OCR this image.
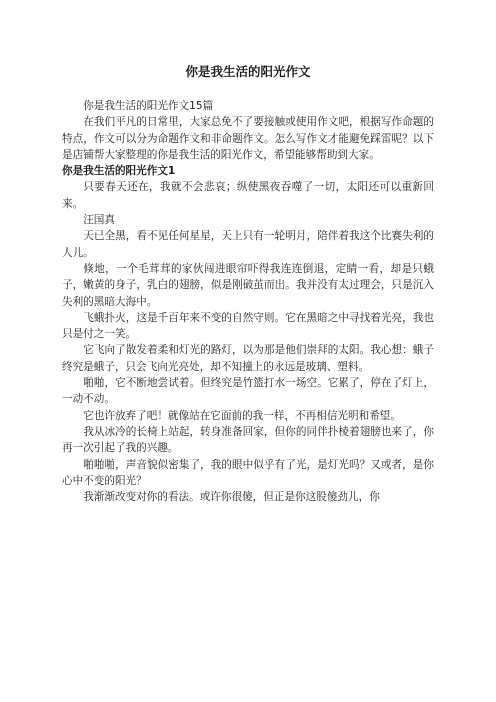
你是我生活的阳光作文

你是我生活的阳光作文15篇

在我们平凡的日常里，大家总免不了要接触或使用作文吧，根据写作命题的特点，作文可以分为命题作文和非命题作文。怎么写作文才能避免踩雷呢？以下是店铺帮大家整理的你是我生活的阳光作文，希望能够帮助到大家。

你是我生活的阳光作文1

只要春天还在，我就不会悲哀；纵使黑夜吞噬了一切，太阳还可以重新回来。

汪国真

天已全黑，看不见任何星星，天上只有一轮明月，陪伴着我这个比赛失利的人儿。

倏地，一个毛茸茸的家伙闯进眼帘吓得我连连倒退，定睛一看，却是只蛾子，嫩黄的身子，乳白的翅膀，似是刚破茧而出。我并没有太过理会，只是沉入失利的黑暗大海中。

飞蛾扑火，这是千百年来不变的自然守则。它在黑暗之中寻找着光亮，我也只是付之一笑。

它飞向了散发着柔和灯光的路灯，以为那是他们崇拜的太阳。我心想：蛾子终究是蛾子，只会飞向光亮处，却不知撞上的永远是玻璃、塑料。

啪啪，它不断地尝试着。但终究是竹篮打水一场空。它累了，停在了灯上，一动不动。

它也许放弃了吧！就像站在它面前的我一样，不再相信光明和希望。

我从冰冷的长椅上站起，转身准备回家，但你的同伴扑棱着翅膀也来了，你再一次引起了我的兴趣。

啪啪啪，声音貌似密集了，我的眼中似乎有了光，是灯光吗？又或者，是你心中不变的阳光？

我渐渐改变对你的看法。或许你很傻，但正是你这股傻劲儿，你
